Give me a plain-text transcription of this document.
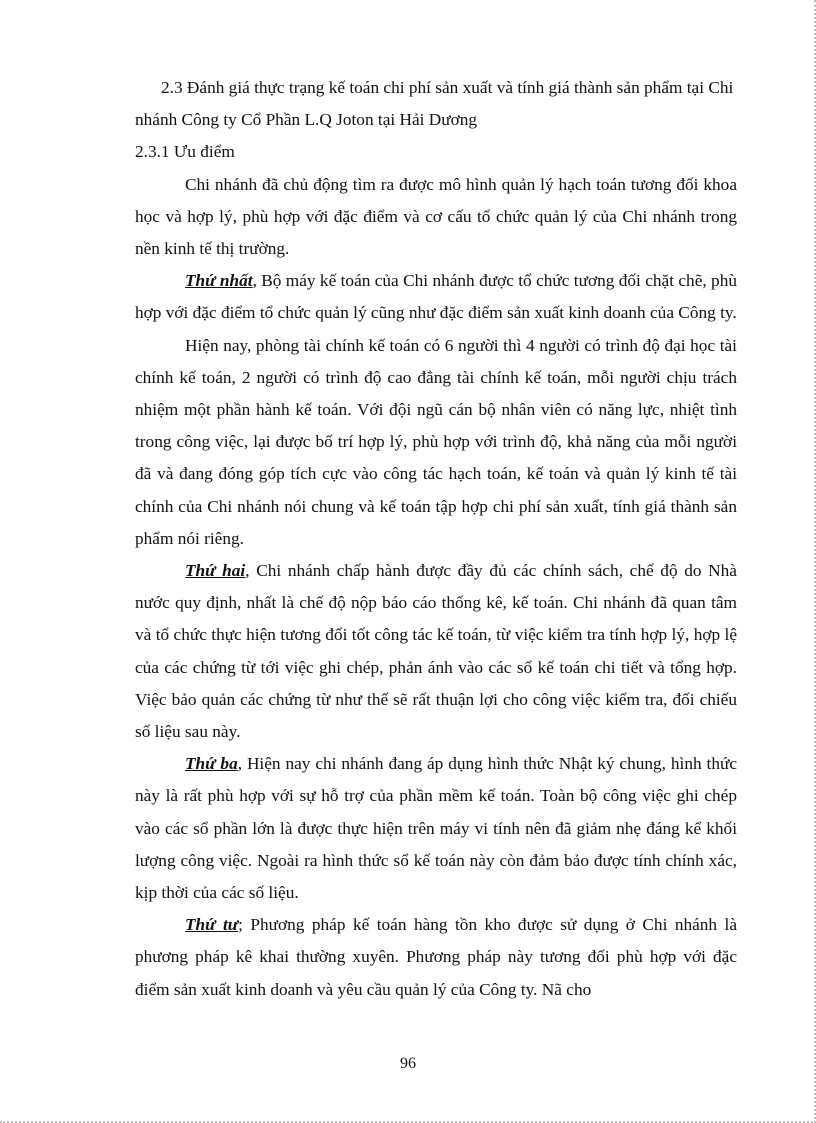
2.3 Đánh giá thực trạng kế toán chi phí sản xuất và tính giá thành sản phẩm tại Chi nhánh Công ty Cổ Phần L.Q Joton tại Hải Dương

2.3.1 Ưu điểm

Chi nhánh đã chủ động tìm ra được mô hình quản lý hạch toán tương đối khoa học và hợp lý, phù hợp với đặc điểm và cơ cấu tổ chức quản lý của Chi nhánh trong nền kinh tế thị trường.

Thứ nhất, Bộ máy kế toán của Chi nhánh được tổ chức tương đối chặt chẽ, phù hợp với đặc điểm tổ chức quản lý cũng như đặc điểm sản xuất kinh doanh của Công ty.

Hiện nay, phòng tài chính kế toán có 6 người thì 4 người có trình độ đại học tài chính kế toán, 2 người có trình độ cao đẳng tài chính kế toán, mỗi người chịu trách nhiệm một phần hành kế toán. Với đội ngũ cán bộ nhân viên có năng lực, nhiệt tình trong công việc, lại được bố trí hợp lý, phù hợp với trình độ, khả năng của mỗi người đã và đang đóng góp tích cực vào công tác hạch toán, kế toán và quản lý kinh tế tài chính của Chi nhánh nói chung và kế toán tập hợp chi phí sản xuất, tính giá thành sản phẩm nói riêng.

Thứ hai, Chi nhánh chấp hành được đầy đủ các chính sách, chế độ do Nhà nước quy định, nhất là chế độ nộp báo cáo thống kê, kế toán. Chi nhánh đã quan tâm và tổ chức thực hiện tương đối tốt công tác kế toán, từ việc kiểm tra tính hợp lý, hợp lệ của các chứng từ tới việc ghi chép, phản ánh vào các sổ kế toán chi tiết và tổng hợp. Việc bảo quản các chứng từ như thế sẽ rất thuận lợi cho công việc kiểm tra, đối chiếu số liệu sau này.

Thứ ba, Hiện nay chi nhánh đang áp dụng hình thức Nhật ký chung, hình thức này là rất phù hợp với sự hỗ trợ của phần mềm kế toán. Toàn bộ công việc ghi chép vào các sổ phần lớn là được thực hiện trên máy vi tính nên đã giảm nhẹ đáng kể khối lượng công việc. Ngoài ra hình thức sổ kế toán này còn đảm bảo được tính chính xác, kịp thời của các số liệu.

Thứ tư; Phương pháp kế toán hàng tồn kho được sử dụng ở Chi nhánh là phương pháp kê khai thường xuyên. Phương pháp này tương đối phù hợp với đặc điểm sản xuất kinh doanh và yêu cầu quản lý của Công ty. Nã cho

96
